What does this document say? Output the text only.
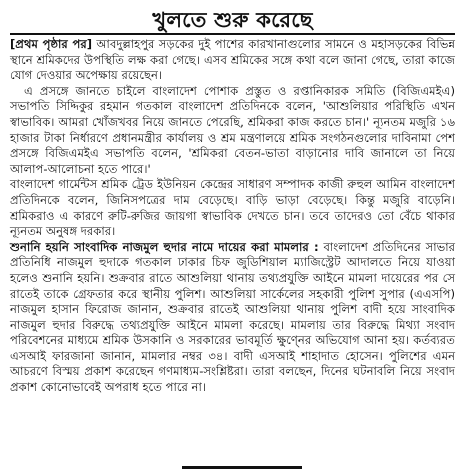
খুলতে শুরু করেছে

[প্রথম পৃষ্ঠার পর] আবদুল্লাহপুর সড়কের দুই পাশের কারখানাগুলোর সামনে ও মহাসড়কের বিভিন্ন স্থানে শ্রমিকদের উপস্থিতি লক্ষ করা গেছে। এসব শ্রমিকের সঙ্গে কথা বলে জানা গেছে, তারা কাজে যোগ দেওয়ার অপেক্ষায় রয়েছেন।

এ প্রসঙ্গে জানতে চাইলে বাংলাদেশ পোশাক প্রস্তুত ও রপ্তানিকারক সমিতি (বিজিএমইএ) সভাপতি সিদ্দিকুর রহমান গতকাল বাংলাদেশ প্রতিদিনকে বলেন, 'আশুলিয়ার পরিস্থিতি এখন স্বাভাবিক। আমরা খোঁজখবর নিয়ে জানতে পেরেছি, শ্রমিকরা কাজ করতে চান।' ন্যূনতম মজুরি ১৬ হাজার টাকা নির্ধারণে প্রধানমন্ত্রীর কার্যালয় ও শ্রম মন্ত্রণালয়ে শ্রমিক সংগঠনগুলোর দাবিনামা পেশ প্রসঙ্গে বিজিএমইএ সভাপতি বলেন, 'শ্রমিকরা বেতন-ভাতা বাড়ানোর দাবি জানালে তা নিয়ে আলাপ-আলোচনা হতে পারে।'

বাংলাদেশ গার্মেন্টস শ্রমিক ট্রেড ইউনিয়ন কেন্দ্রের সাধারণ সম্পাদক কাজী রুহুল আমিন বাংলাদেশ প্রতিদিনকে বলেন, জিনিসপত্রের দাম বেড়েছে। বাড়ি ভাড়া বেড়েছে। কিন্তু মজুরি বাড়েনি। শ্রমিকরাও এ কারণে রুটি-রুজির জায়গা স্বাভাবিক দেখতে চান। তবে তাদেরও তো বেঁচে থাকার ন্যূনতম অনুষঙ্গ দরকার।

শুনানি হয়নি সাংবাদিক নাজমুল হুদার নামে দায়ের করা মামলার : বাংলাদেশ প্রতিদিনের সাভার প্রতিনিধি নাজমুল হুদাকে গতকাল ঢাকার চিফ জুডিশিয়াল ম্যাজিস্ট্রেট আদালতে নিয়ে যাওয়া হলেও শুনানি হয়নি। শুক্রবার রাতে আশুলিয়া থানায় তথ্যপ্রযুক্তি আইনে মামলা দায়েরের পর সে রাতেই তাকে গ্রেফতার করে স্থানীয় পুলিশ। আশুলিয়া সার্কেলের সহকারী পুলিশ সুপার (এএসপি) নাজমুল হাসান ফিরোজ জানান, শুক্রবার রাতেই আশুলিয়া থানায় পুলিশ বাদী হয়ে সাংবাদিক নাজমুল হুদার বিরুদ্ধে তথ্যপ্রযুক্তি আইনে মামলা করেছে। মামলায় তার বিরুদ্ধে মিথ্যা সংবাদ পরিবেশনের মাধ্যমে শ্রমিক উসকানি ও সরকারের ভাবমূর্তি ক্ষুণ্নের অভিযোগ আনা হয়। কর্তব্যরত এসআই ফারজানা জানান, মামলার নম্বর ৩৪। বাদী এসআই শাহাদাত হোসেন। পুলিশের এমন আচরণে বিস্ময় প্রকাশ করেছেন গণমাধ্যম-সংশ্লিষ্টরা। তারা বলছেন, দিনের ঘটনাবলি নিয়ে সংবাদ প্রকাশ কোনোভাবেই অপরাধ হতে পারে না।
